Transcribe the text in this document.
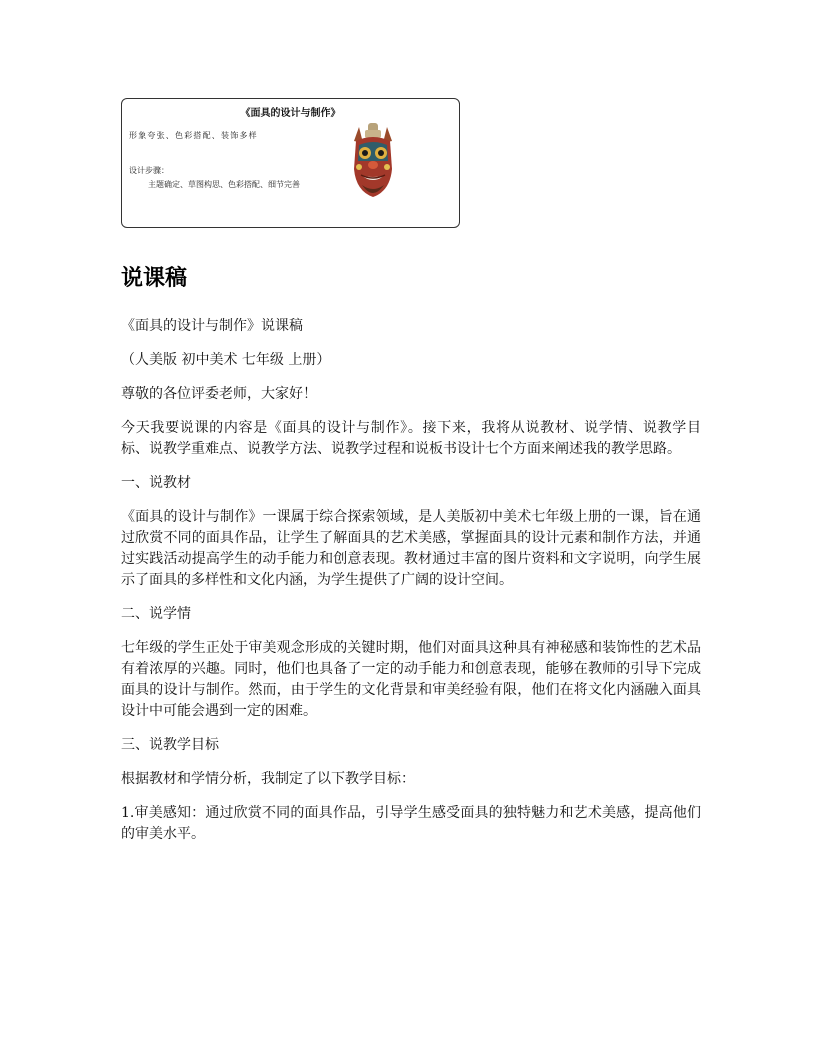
《面具的设计与制作》
形象夸张、色彩搭配、装饰多样
设计步骤：
主题确定、草图构思、色彩搭配、细节完善
说课稿

《面具的设计与制作》说课稿

（人美版 初中美术 七年级 上册）

尊敬的各位评委老师，大家好！

今天我要说课的内容是《面具的设计与制作》。接下来，我将从说教材、说学情、说教学目标、说教学重难点、说教学方法、说教学过程和说板书设计七个方面来阐述我的教学思路。

一、说教材

《面具的设计与制作》一课属于综合探索领域，是人美版初中美术七年级上册的一课，旨在通过欣赏不同的面具作品，让学生了解面具的艺术美感，掌握面具的设计元素和制作方法，并通过实践活动提高学生的动手能力和创意表现。教材通过丰富的图片资料和文字说明，向学生展示了面具的多样性和文化内涵，为学生提供了广阔的设计空间。

二、说学情

七年级的学生正处于审美观念形成的关键时期，他们对面具这种具有神秘感和装饰性的艺术品有着浓厚的兴趣。同时，他们也具备了一定的动手能力和创意表现，能够在教师的引导下完成面具的设计与制作。然而，由于学生的文化背景和审美经验有限，他们在将文化内涵融入面具设计中可能会遇到一定的困难。

三、说教学目标

根据教材和学情分析，我制定了以下教学目标：

1.审美感知：通过欣赏不同的面具作品，引导学生感受面具的独特魅力和艺术美感，提高他们的审美水平。
